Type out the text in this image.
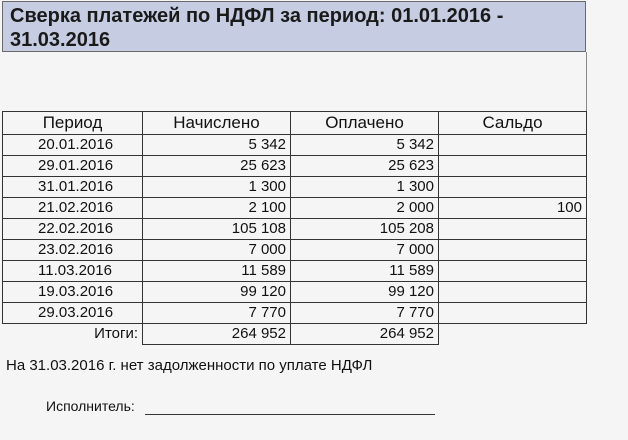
Сверка платежей по НДФЛ за период: 01.01.2016 - 31.03.2016
Период	Начислено	Оплачено	Сальдо
20.01.2016	5 342	5 342	
29.01.2016	25 623	25 623	
31.01.2016	1 300	1 300	
21.02.2016	2 100	2 000	100
22.02.2016	105 108	105 208	
23.02.2016	7 000	7 000	
11.03.2016	11 589	11 589	
19.03.2016	99 120	99 120	
29.03.2016	7 770	7 770	
Итоги:	264 952	264 952	
На 31.03.2016 г. нет задолженности по уплате НДФЛ
Исполнитель:
